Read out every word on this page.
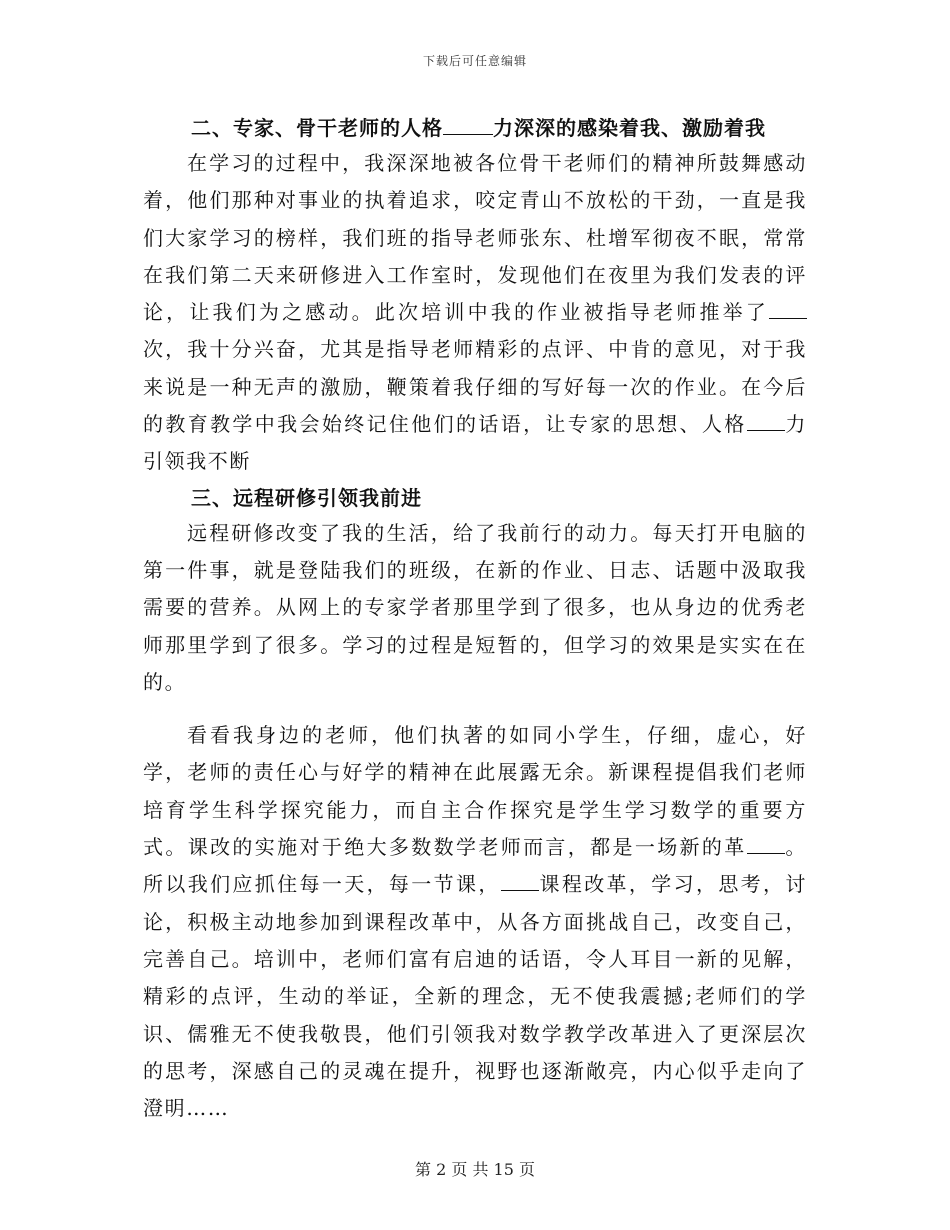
下载后可任意编辑

二、专家、骨干老师的人格	力深深的感染着我、激励着我

在学习的过程中，我深深地被各位骨干老师们的精神所鼓舞感动着，他们那种对事业的执着追求，咬定青山不放松的干劲，一直是我们大家学习的榜样，我们班的指导老师张东、杜增军彻夜不眠，常常在我们第二天来研修进入工作室时，发现他们在夜里为我们发表的评论，让我们为之感动。此次培训中我的作业被指导老师推举了次，我十分兴奋，尤其是指导老师精彩的点评、中肯的意见，对于我来说是一种无声的激励，鞭策着我仔细的写好每一次的作业。在今后的教育教学中我会始终记住他们的话语，让专家的思想、人格 力引领我不断

三、远程研修引领我前进

远程研修改变了我的生活，给了我前行的动力。每天打开电脑的第一件事，就是登陆我们的班级，在新的作业、日志、话题中汲取我需要的营养。从网上的专家学者那里学到了很多，也从身边的优秀老师那里学到了很多。学习的过程是短暂的，但学习的效果是实实在在的。

看看我身边的老师，他们执著的如同小学生，仔细，虚心，好学，老师的责任心与好学的精神在此展露无余。新课程提倡我们老师培育学生科学探究能力，而自主合作探究是学生学习数学的重要方式。课改的实施对于绝大多数数学老师而言，都是一场新的革 。所以我们应抓住每一天，每一节课， 课程改革，学习，思考，讨论，积极主动地参加到课程改革中，从各方面挑战自己，改变自己，完善自己。培训中，老师们富有启迪的话语，令人耳目一新的见解，精彩的点评，生动的举证，全新的理念，无不使我震撼;老师们的学识、儒雅无不使我敬畏，他们引领我对数学教学改革进入了更深层次的思考，深感自己的灵魂在提升，视野也逐渐敞亮，内心似乎走向了澄明……

第 2 页 共 15 页
